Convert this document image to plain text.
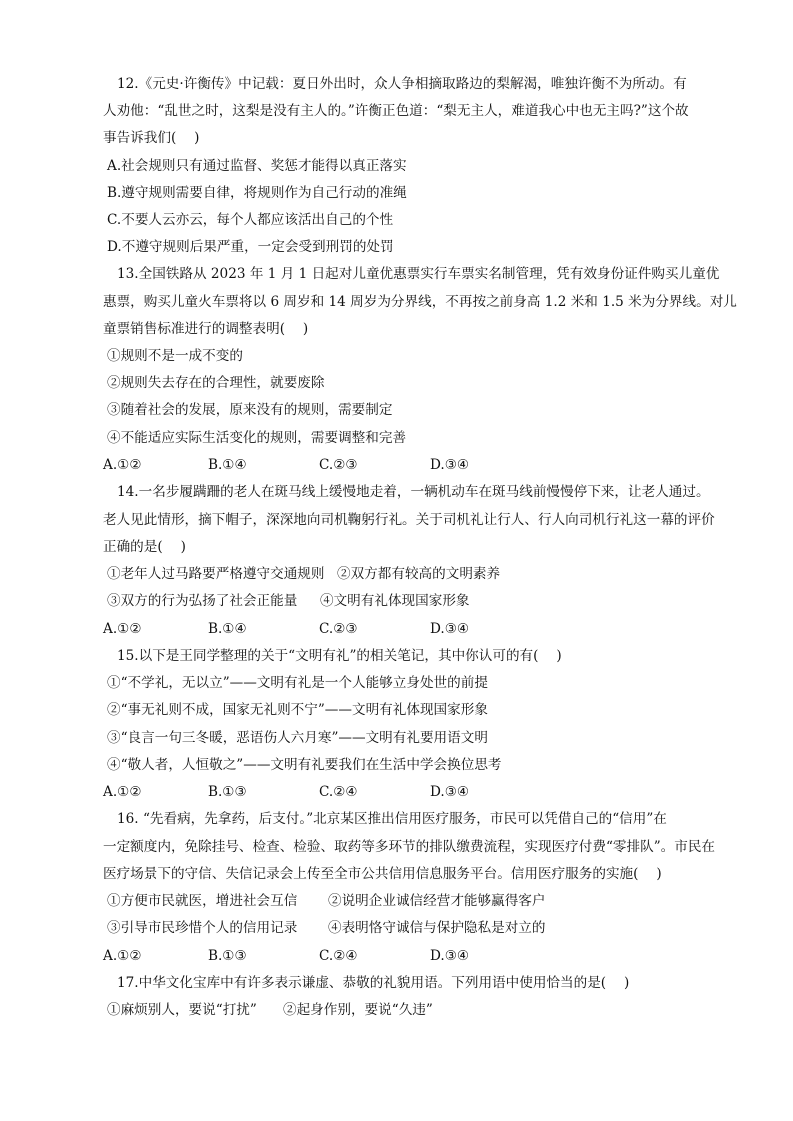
12.《元史·许衡传》中记载：夏日外出时，众人争相摘取路边的梨解渴，唯独许衡不为所动。有
人劝他：“乱世之时，这梨是没有主人的。”许衡正色道：“梨无主人，难道我心中也无主吗?”这个故
事告诉我们(　 )
A.社会规则只有通过监督、奖惩才能得以真正落实
B.遵守规则需要自律，将规则作为自己行动的准绳
C.不要人云亦云，每个人都应该活出自己的个性
D.不遵守规则后果严重，一定会受到刑罚的处罚
13.全国铁路从 2023 年 1 月 1 日起对儿童优惠票实行车票实名制管理，凭有效身份证件购买儿童优
惠票，购买儿童火车票将以 6 周岁和 14 周岁为分界线，不再按之前身高 1.2 米和 1.5 米为分界线。对儿
童票销售标准进行的调整表明(　 )
①规则不是一成不变的
②规则失去存在的合理性，就要废除
③随着社会的发展，原来没有的规则，需要制定
④不能适应实际生活变化的规则，需要调整和完善
A.①②	B.①④	C.②③	D.③④
14.一名步履蹒跚的老人在斑马线上缓慢地走着，一辆机动车在斑马线前慢慢停下来，让老人通过。
老人见此情形，摘下帽子，深深地向司机鞠躬行礼。关于司机礼让行人、行人向司机行礼这一幕的评价
正确的是(　 )
①老年人过马路要严格遵守交通规则 ②双方都有较高的文明素养
③双方的行为弘扬了社会正能量 ④文明有礼体现国家形象
A.①②	B.①④	C.②③	D.③④
15.以下是王同学整理的关于“文明有礼”的相关笔记，其中你认可的有(　 )
①“不学礼，无以立”——文明有礼是一个人能够立身处世的前提
②“事无礼则不成，国家无礼则不宁”——文明有礼体现国家形象
③“良言一句三冬暖，恶语伤人六月寒”——文明有礼要用语文明
④“敬人者，人恒敬之”——文明有礼要我们在生活中学会换位思考
A.①②	B.①③	C.②④	D.③④
16. “先看病，先拿药，后支付。”北京某区推出信用医疗服务，市民可以凭借自己的“信用”在
一定额度内，免除挂号、检查、检验、取药等多环节的排队缴费流程，实现医疗付费“零排队”。市民在
医疗场景下的守信、失信记录会上传至全市公共信用信息服务平台。信用医疗服务的实施(　 )
①方便市民就医，增进社会互信 ②说明企业诚信经营才能够赢得客户
③引导市民珍惜个人的信用记录 ④表明恪守诚信与保护隐私是对立的
A.①②	B.①③	C.②④	D.③④
17.中华文化宝库中有许多表示谦虚、恭敬的礼貌用语。下列用语中使用恰当的是(　 )
①麻烦别人，要说“打扰” ②起身作别，要说“久违”
